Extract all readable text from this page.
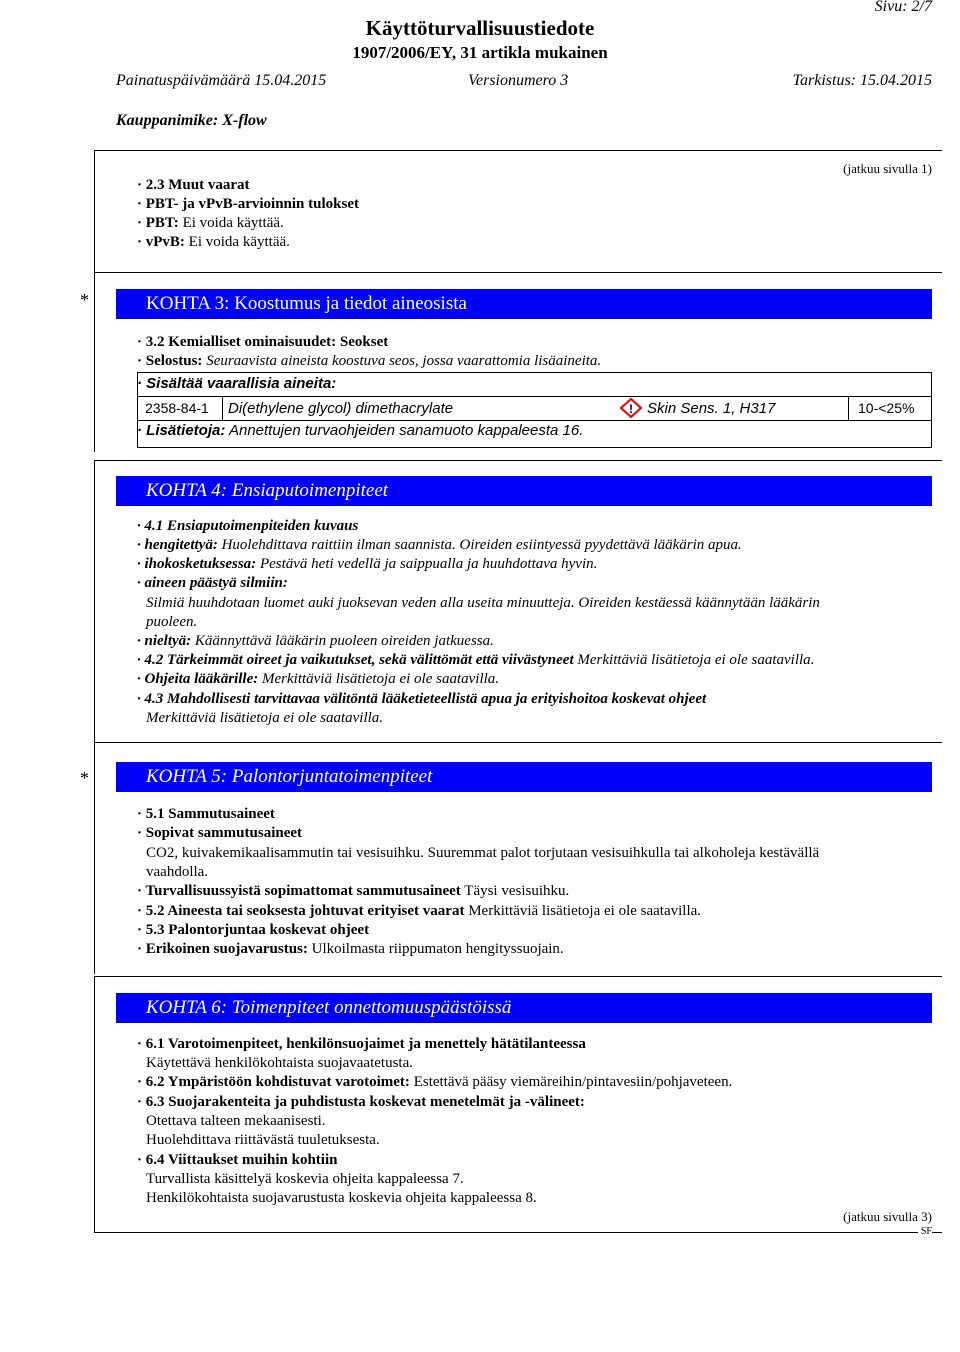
Sivu: 2/7
Käyttöturvallisuustiedote
1907/2006/EY, 31 artikla mukainen
Painatuspäivämäärä 15.04.2015	Versionumero 3	Tarkistus: 15.04.2015
Kauppanimike: X-flow
(jatkuu sivulla 1)
· 2.3 Muut vaarat
· PBT- ja vPvB-arvioinnin tulokset
· PBT: Ei voida käyttää.
· vPvB: Ei voida käyttää.
*	KOHTA 3: Koostumus ja tiedot aineosista
· 3.2 Kemialliset ominaisuudet: Seokset
· Selostus: Seuraavista aineista koostuva seos, jossa vaarattomia lisäaineita.
· Sisältää vaarallisia aineita:
2358-84-1 Di(ethylene glycol) dimethacrylate	! Skin Sens. 1, H317	10-<25%
· Lisätietoja: Annettujen turvaohjeiden sanamuoto kappaleesta 16.
KOHTA 4: Ensiaputoimenpiteet
· 4.1 Ensiaputoimenpiteiden kuvaus
· hengitettyä: Huolehdittava raittiin ilman saannista. Oireiden esiintyessä pyydettävä lääkärin apua.
· ihokosketuksessa: Pestävä heti vedellä ja saippualla ja huuhdottava hyvin.
· aineen päästyä silmiin:
Silmiä huuhdotaan luomet auki juoksevan veden alla useita minuutteja. Oireiden kestäessä käännytään lääkärin
puoleen.
· nieltyä: Käännyttävä lääkärin puoleen oireiden jatkuessa.
· 4.2 Tärkeimmät oireet ja vaikutukset, sekä välittömät että viivästyneet Merkittäviä lisätietoja ei ole saatavilla.
· Ohjeita lääkärille: Merkittäviä lisätietoja ei ole saatavilla.
· 4.3 Mahdollisesti tarvittavaa välitöntä lääketieteellistä apua ja erityishoitoa koskevat ohjeet
Merkittäviä lisätietoja ei ole saatavilla.
*	KOHTA 5: Palontorjuntatoimenpiteet
· 5.1 Sammutusaineet
· Sopivat sammutusaineet
CO2, kuivakemikaalisammutin tai vesisuihku. Suuremmat palot torjutaan vesisuihkulla tai alkoholeja kestävällä
vaahdolla.
· Turvallisuussyistä sopimattomat sammutusaineet Täysi vesisuihku.
· 5.2 Aineesta tai seoksesta johtuvat erityiset vaarat Merkittäviä lisätietoja ei ole saatavilla.
· 5.3 Palontorjuntaa koskevat ohjeet
· Erikoinen suojavarustus: Ulkoilmasta riippumaton hengityssuojain.
KOHTA 6: Toimenpiteet onnettomuuspäästöissä
· 6.1 Varotoimenpiteet, henkilönsuojaimet ja menettely hätätilanteessa
Käytettävä henkilökohtaista suojavaatetusta.
· 6.2 Ympäristöön kohdistuvat varotoimet: Estettävä pääsy viemäreihin/pintavesiin/pohjaveteen.
· 6.3 Suojarakenteita ja puhdistusta koskevat menetelmät ja -välineet:
Otettava talteen mekaanisesti.
Huolehdittava riittävästä tuuletuksesta.
· 6.4 Viittaukset muihin kohtiin
Turvallista käsittelyä koskevia ohjeita kappaleessa 7.
Henkilökohtaista suojavarustusta koskevia ohjeita kappaleessa 8.
(jatkuu sivulla 3)
SF
